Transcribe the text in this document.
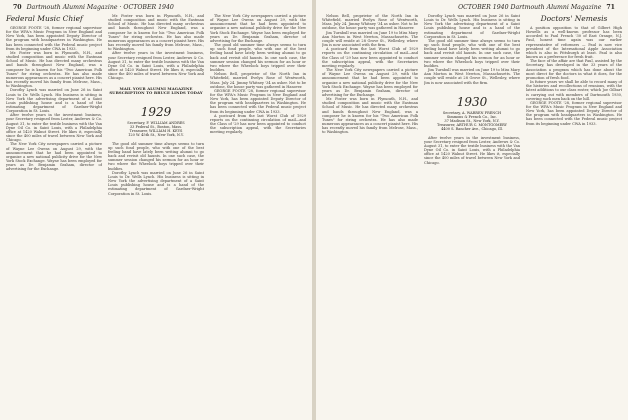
70 Dartmouth Alumni Magazine · OCTOBER 1940
Federal Music Chief

GEORGE FOOTE '28, former regional supervisor for the WPA's Music Program in New England and New York, has been appointed Deputy Director of the program with headquarters in Washington. He has been connected with the Federal music project from its beginning under CWA in 1933.

Mr. Foster was born in Plymouth, N.H., and studied composition and music with the Eastman School of Music. He has directed many orchestras and bands throughout New England, was a composer he is known for his "Two American Folk Tunes" for string orchestra. He has also made numerous appearances as a concert pianist here. His has recently moved his family from Melrose, Mass., to Washington.

Dorothy Lynch was married on June 26 in Saint Louis to Dr. Wells Lynch. His business is sitting in New York the advertising department of a Saint Louis publishing house and is a hand of the estimating department of Gardner-Wright Corporation in St. Louis.

After twelve years in the investment business, your Secretary resigned from Lester, Andrews & Co. August 31, to enter the textile business with the Van Dyne Oil Co. in Saint Louis, with a Philadelphia office at 1420 Walnut Street. He likes it, especially since the 400 miles of travel between New York and Chicago.

The New York City newspapers carried a picture of Wayne Lee Owens on August 29, with the announcement that he had been appointed to organize a new national publicity drive for the New York Stock Exchange. Wayne has been employed for years as Dr. Benjamin Graham, director of advertising for the Exchange.

Mr. Foster was born in Plymouth, N.H., and studied composition and music with the Eastman School of Music. He has directed many orchestras and bands throughout New England, was a composer he is known for his "Two American Folk Tunes" for string orchestra. He has also made numerous appearances as a concert pianist here. His has recently moved his family from Melrose, Mass., to Washington.

After twelve years in the investment business, your Secretary resigned from Lester, Andrews & Co. August 31, to enter the textile business with the Van Dyne Oil Co. in Saint Louis, with a Philadelphia office at 1420 Walnut Street. He likes it, especially since the 400 miles of travel between New York and Chicago.

MAIL YOUR ALUMNI MAGAZINE SUBSCRIPTION TO BRUCE LINDS TODAY
1929
Secretary, F. WILLIAM ANDRES
33 Federal St., Boston, Mass.
Treasurer, WILLIAM H. KEYS
120 W. 45th St., New York, N.Y.

The good old summer time always seems to turn up such fond people, who with one of the best feeling band have lately been writing alumni to go back and revisit old haunts. In one such case, the summer session changed his sermon for an hour or two where the Wheelock boys tripped over their buddies.

Dorothy Lynch was married on June 26 in Saint Louis to Dr. Wells Lynch. His business is sitting in New York the advertising department of a Saint Louis publishing house and is a hand of the estimating department of Gardner-Wright Corporation in St. Louis.

The New York City newspapers carried a picture of Wayne Lee Owens on August 29, with the announcement that he had been appointed to organize a new national publicity drive for the New York Stock Exchange. Wayne has been employed for years as Dr. Benjamin Graham, director of advertising for the Exchange.

The good old summer time always seems to turn up such fond people, who with one of the best feeling band have lately been writing alumni to go back and revisit old haunts. In one such case, the summer session changed his sermon for an hour or two where the Wheelock boys tripped over their buddies.

Nelson Bell, proprietor of the North Inn in Whitefield, married Evelyn Rose of Wentworth, Mass. July 24. Jimmy Whitney '34 as usher. Not to be outdone, the house party was gathered in Hanover.

GEORGE FOOTE '28, former regional supervisor for the WPA's Music Program in New England and New York, has been appointed Deputy Director of the program with headquarters in Washington. He has been connected with the Federal music project from its beginning under CWA in 1933.

A postcard from the last Worst Club of 1929 reports on the continuing circulation of mail—and the Class of '29 has now been appointed to conduct the subscription appeal, with the Secretaries meeting regularly.

OCTOBER 1940 Dartmouth Alumni Magazine 71

Nelson Bell, proprietor of the North Inn in Whitefield, married Evelyn Rose of Wentworth, Mass. July 24. Jimmy Whitney '34 as usher. Not to be outdone, the house party was gathered in Hanover.

Jim Turnbull was married on June 19 to Miss Mary Ann Morton in West Newton, Massachusetts. The couple will reside at 28 Grove St., Wellesley, where Jim is now associated with the firm.

A postcard from the last Worst Club of 1929 reports on the continuing circulation of mail—and the Class of '29 has now been appointed to conduct the subscription appeal, with the Secretaries meeting regularly.

The New York City newspapers carried a picture of Wayne Lee Owens on August 29, with the announcement that he had been appointed to organize a new national publicity drive for the New York Stock Exchange. Wayne has been employed for years as Dr. Benjamin Graham, director of advertising for the Exchange.

Mr. Foster was born in Plymouth, N.H., and studied composition and music with the Eastman School of Music. He has directed many orchestras and bands throughout New England, was a composer he is known for his "Two American Folk Tunes" for string orchestra. He has also made numerous appearances as a concert pianist here. His has recently moved his family from Melrose, Mass., to Washington.

Dorothy Lynch was married on June 26 in Saint Louis to Dr. Wells Lynch. His business is sitting in New York the advertising department of a Saint Louis publishing house and is a hand of the estimating department of Gardner-Wright Corporation in St. Louis.

The good old summer time always seems to turn up such fond people, who with one of the best feeling band have lately been writing alumni to go back and revisit old haunts. In one such case, the summer session changed his sermon for an hour or two where the Wheelock boys tripped over their buddies.

Jim Turnbull was married on June 19 to Miss Mary Ann Morton in West Newton, Massachusetts. The couple will reside at 28 Grove St., Wellesley, where Jim is now associated with the firm.

1930
Secretary, A. WARREN FRENCH
Simmons & French Co., Inc.
37 Madison St., New York, N.Y.
Treasurer, ARTHUR C. MONTGOMERY
4400 S. Rancher Ave., Chicago, Ill.

After twelve years in the investment business, your Secretary resigned from Lester, Andrews & Co. August 31, to enter the textile business with the Van Dyne Oil Co. in Saint Louis, with a Philadelphia office at 1420 Walnut Street. He likes it, especially since the 400 miles of travel between New York and Chicago.

Doctors' Nemesis

A position opposition to that of Gilbert High Howells as a well-known professor has been accorded to Paul French '30 of East Orange, N.J. Paul, honest time again was our earlier representative of reformers — Paul is now vice president of the International Apple Association which is also in Pittsburgh at least. Paul is also known as a preference for fresh fruit.

The face of the affair are that Paul, assisted by the Secretary, has developed in the 33 years of the Association a program which has done about the most direct for the doctors in what it does, for the promotion of fresh food.

In future years we shall be able to record many of the histories and recollections of reunions, with the latest additions to our class roster, which Joe Gilbart is carrying out with members of Dartmouth 1930, covering such men back on the hill.

GEORGE FOOTE '28, former regional supervisor for the WPA's Music Program in New England and New York, has been appointed Deputy Director of the program with headquarters in Washington. He has been connected with the Federal music project from its beginning under CWA in 1933.
